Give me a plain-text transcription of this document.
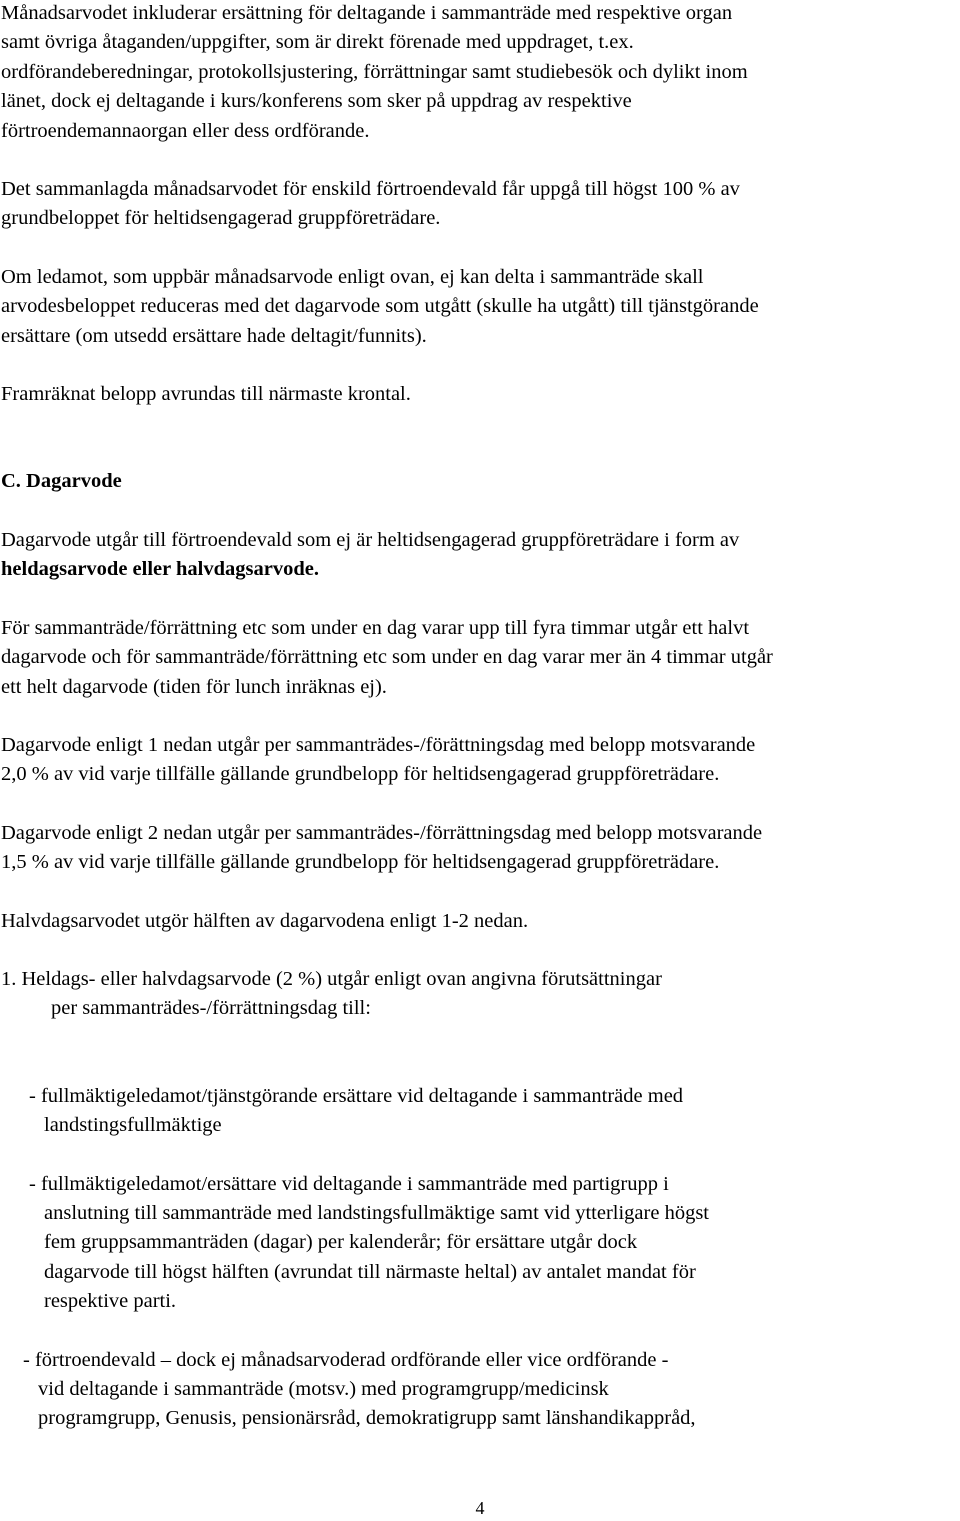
Månadsarvodet inkluderar ersättning för deltagande i sammanträde med respektive organ
samt övriga åtaganden/uppgifter, som är direkt förenade med uppdraget, t.ex.
ordförandeberedningar, protokollsjustering, förrättningar samt studiebesök och dylikt inom
länet, dock ej deltagande i kurs/konferens som sker på uppdrag av respektive
förtroendemannaorgan eller dess ordförande.

Det sammanlagda månadsarvodet för enskild förtroendevald får uppgå till högst 100 % av
grundbeloppet för heltidsengagerad gruppföreträdare.

Om ledamot, som uppbär månadsarvode enligt ovan, ej kan delta i sammanträde skall
arvodesbeloppet reduceras med det dagarvode som utgått (skulle ha utgått) till tjänstgörande
ersättare (om utsedd ersättare hade deltagit/funnits).

Framräknat belopp avrundas till närmaste krontal.

C. Dagarvode

Dagarvode utgår till förtroendevald som ej är heltidsengagerad gruppföreträdare i form av
heldagsarvode eller halvdagsarvode.

För sammanträde/förrättning etc som under en dag varar upp till fyra timmar utgår ett halvt
dagarvode och för sammanträde/förrättning etc som under en dag varar mer än 4 timmar utgår
ett helt dagarvode (tiden för lunch inräknas ej).

Dagarvode enligt 1 nedan utgår per sammanträdes-/förättningsdag med belopp motsvarande
2,0 % av vid varje tillfälle gällande grundbelopp för heltidsengagerad gruppföreträdare.

Dagarvode enligt 2 nedan utgår per sammanträdes-/förrättningsdag med belopp motsvarande
1,5 % av vid varje tillfälle gällande grundbelopp för heltidsengagerad gruppföreträdare.

Halvdagsarvodet utgör hälften av dagarvodena enligt 1-2 nedan.

1. Heldags- eller halvdagsarvode (2 %) utgår enligt ovan angivna förutsättningar
per sammanträdes-/förrättningsdag till:

- fullmäktigeledamot/tjänstgörande ersättare vid deltagande i sammanträde med
landstingsfullmäktige

- fullmäktigeledamot/ersättare vid deltagande i sammanträde med partigrupp i
anslutning till sammanträde med landstingsfullmäktige samt vid ytterligare högst
fem gruppsammanträden (dagar) per kalenderår; för ersättare utgår dock
dagarvode till högst hälften (avrundat till närmaste heltal) av antalet mandat för
respektive parti.

- förtroendevald – dock ej månadsarvoderad ordförande eller vice ordförande -
vid deltagande i sammanträde (motsv.) med programgrupp/medicinsk
programgrupp, Genusis, pensionärsråd, demokratigrupp samt länshandikappråd,

4
